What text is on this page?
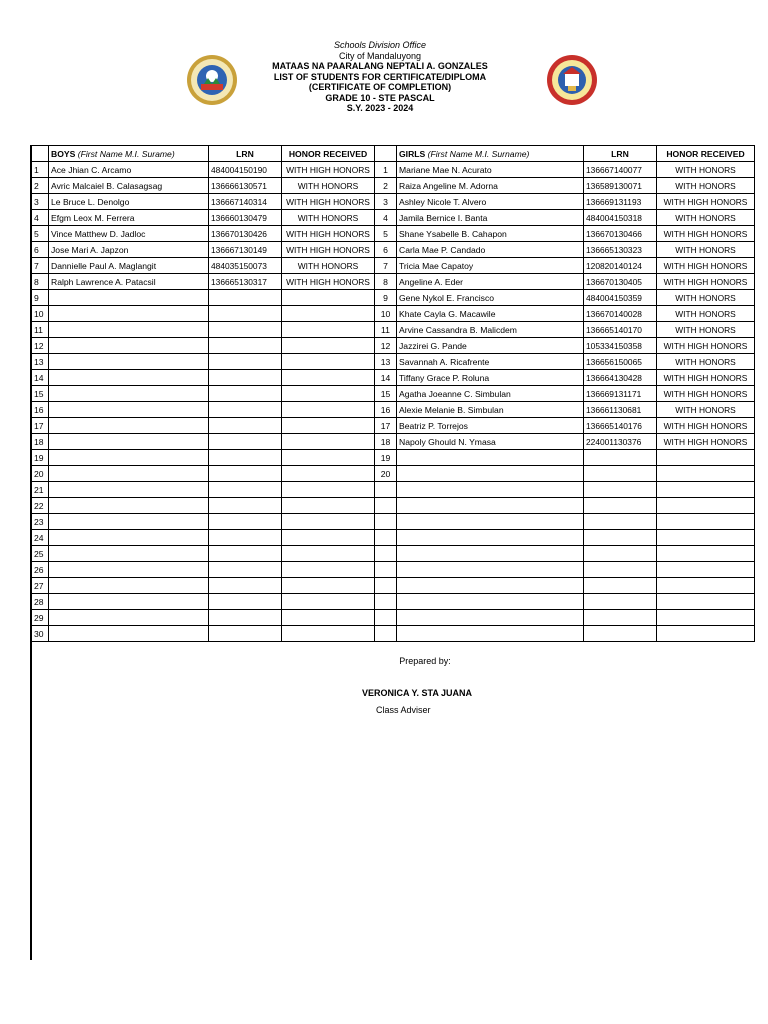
Schools Division Office
City of Mandaluyong
MATAAS NA PAARALANG NEPTALI A. GONZALES
LIST OF STUDENTS FOR CERTIFICATE/DIPLOMA
(CERTIFICATE OF COMPLETION)
GRADE 10 - STE PASCAL
S.Y. 2023 - 2024
	BOYS (First Name M.I. Surame)	LRN	HONOR RECEIVED		GIRLS (First Name M.I. Surname)	LRN	HONOR RECEIVED
1	Ace Jhian C. Arcamo	484004150190	WITH HIGH HONORS	1	Mariane Mae N. Acurato	136667140077	WITH HONORS
2	Avric Malcaiel B. Calasagsag	136666130571	WITH HONORS	2	Raiza Angeline M. Adorna	136589130071	WITH HONORS
3	Le Bruce L. Denolgo	136667140314	WITH HIGH HONORS	3	Ashley Nicole T. Alvero	136669131193	WITH HIGH HONORS
4	Efgm Leox M. Ferrera	136660130479	WITH HONORS	4	Jamila Bernice I. Banta	484004150318	WITH HONORS
5	Vince Matthew D. Jadloc	136670130426	WITH HIGH HONORS	5	Shane Ysabelle B. Cahapon	136670130466	WITH HIGH HONORS
6	Jose Mari A. Japzon	136667130149	WITH HIGH HONORS	6	Carla Mae P. Candado	136665130323	WITH HONORS
7	Dannielle Paul A. Maglangit	484035150073	WITH HONORS	7	Tricia Mae Capatoy	120820140124	WITH HIGH HONORS
8	Ralph Lawrence A. Patacsil	136665130317	WITH HIGH HONORS	8	Angeline A. Eder	136670130405	WITH HIGH HONORS
9				9	Gene Nykol E. Francisco	484004150359	WITH HONORS
10				10	Khate Cayla G. Macawile	136670140028	WITH HONORS
11				11	Arvine Cassandra B. Malicdem	136665140170	WITH HONORS
12				12	Jazzirei G. Pande	105334150358	WITH HIGH HONORS
13				13	Savannah A. Ricafrente	136656150065	WITH HONORS
14				14	Tiffany Grace P. Roluna	136664130428	WITH HIGH HONORS
15				15	Agatha Joeanne C. Simbulan	136669131171	WITH HIGH HONORS
16				16	Alexie Melanie B. Simbulan	136661130681	WITH HONORS
17				17	Beatriz P. Torrejos	136665140176	WITH HIGH HONORS
18				18	Napoly Ghould N. Ymasa	224001130376	WITH HIGH HONORS
19				19			
20				20			
21							
22							
23							
24							
25							
26							
27							
28							
29							
30							
Prepared by:
VERONICA Y. STA JUANA
Class Adviser
